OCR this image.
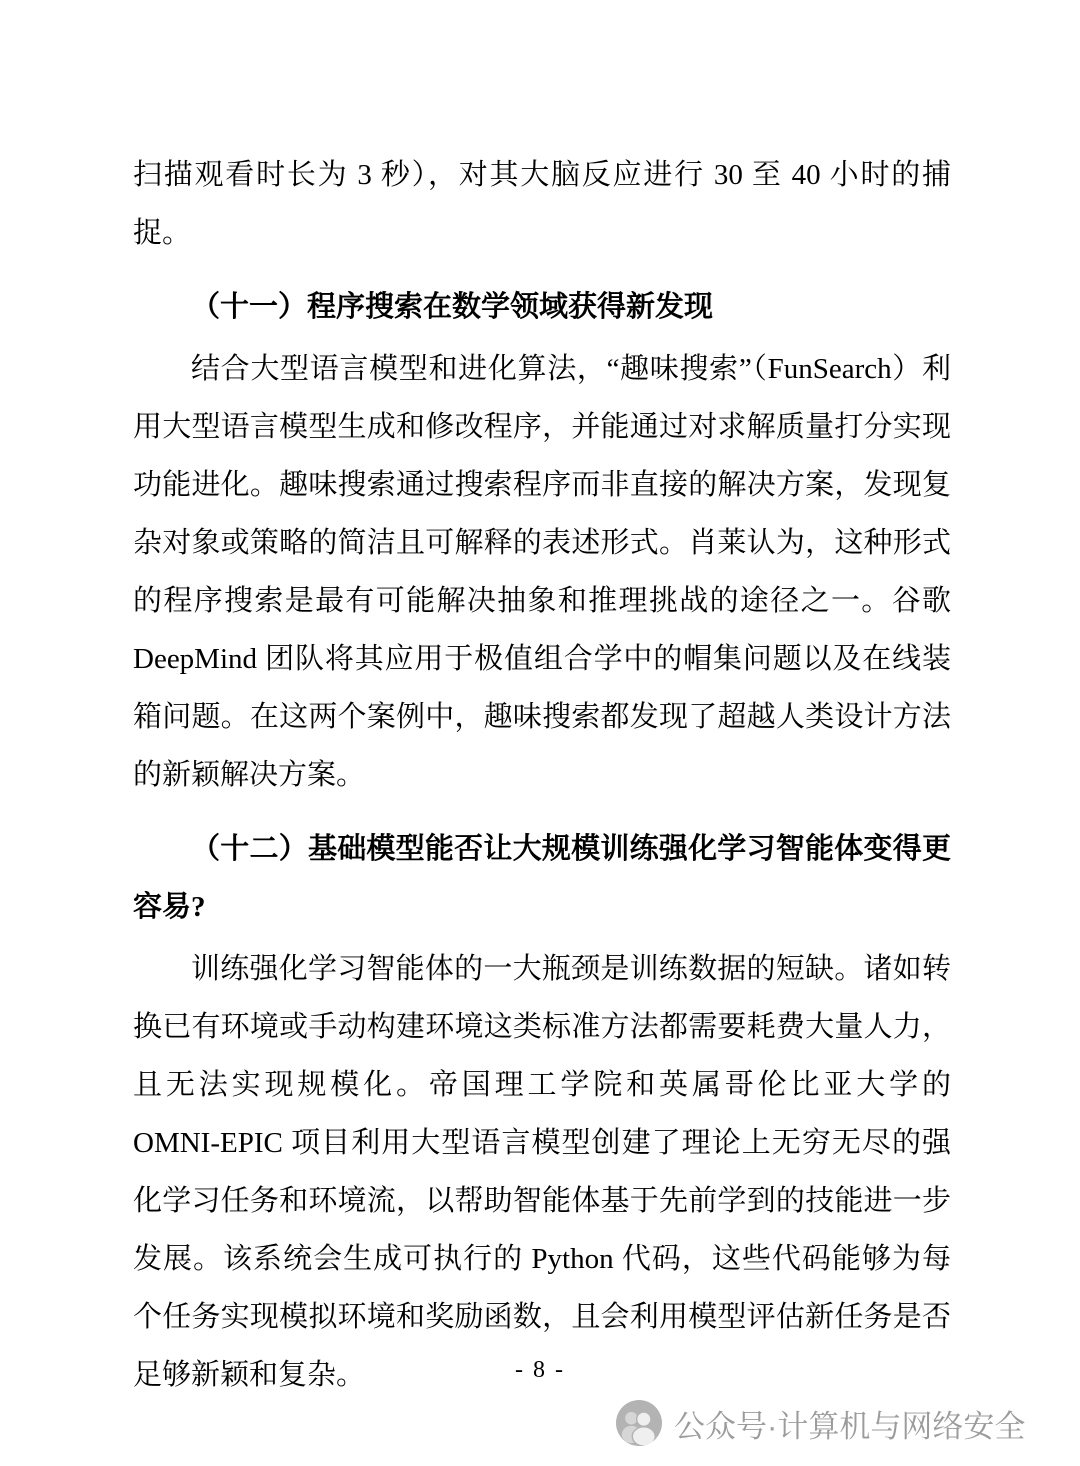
扫描观看时长为 3 秒），对其大脑反应进行 30 至 40 小时的捕捉。

（十一）程序搜索在数学领域获得新发现

结合大型语言模型和进化算法，“趣味搜索”（FunSearch）利用大型语言模型生成和修改程序，并能通过对求解质量打分实现功能进化。趣味搜索通过搜索程序而非直接的解决方案，发现复杂对象或策略的简洁且可解释的表述形式。肖莱认为，这种形式的程序搜索是最有可能解决抽象和推理挑战的途径之一。谷歌 DeepMind 团队将其应用于极值组合学中的帽集问题以及在线装箱问题。在这两个案例中，趣味搜索都发现了超越人类设计方法的新颖解决方案。

（十二）基础模型能否让大规模训练强化学习智能体变得更容易?

训练强化学习智能体的一大瓶颈是训练数据的短缺。诸如转换已有环境或手动构建环境这类标准方法都需要耗费大量人力，且无法实现规模化。帝国理工学院和英属哥伦比亚大学的 OMNI-EPIC 项目利用大型语言模型创建了理论上无穷无尽的强化学习任务和环境流，以帮助智能体基于先前学到的技能进一步发展。该系统会生成可执行的 Python 代码，这些代码能够为每个任务实现模拟环境和奖励函数，且会利用模型评估新任务是否足够新颖和复杂。	- 8 -
公众号·计算机与网络安全
